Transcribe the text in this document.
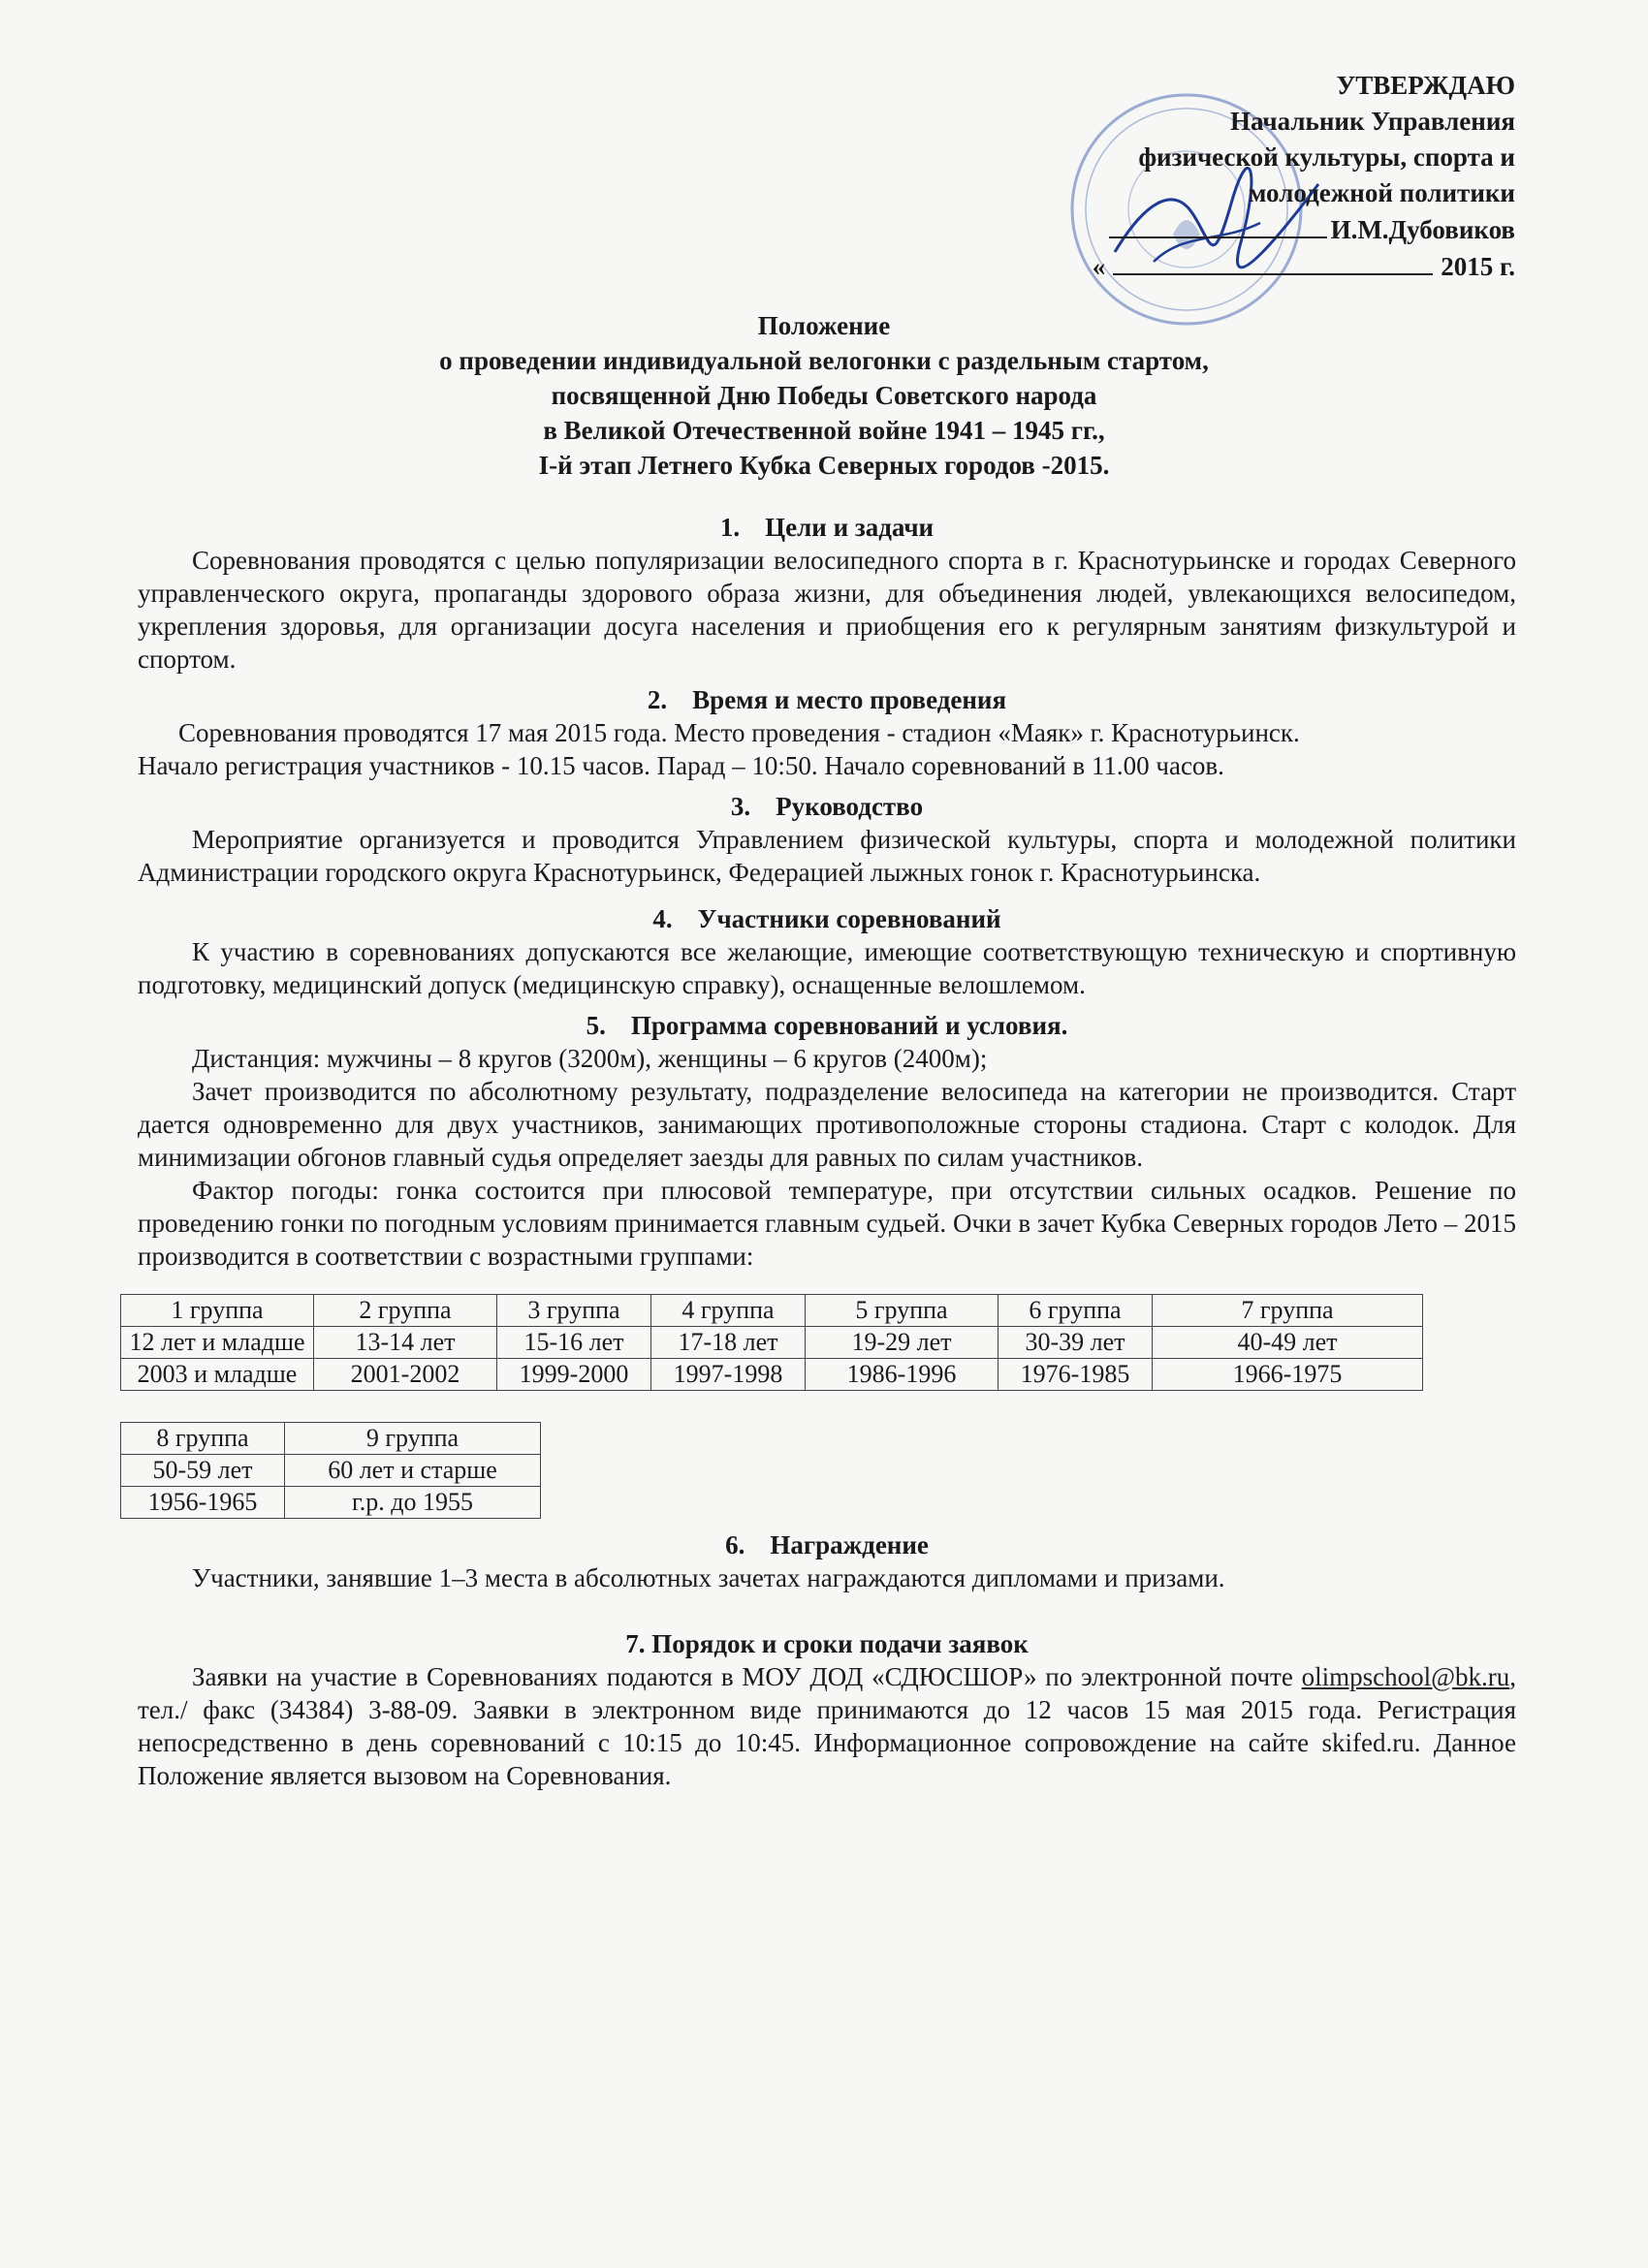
УТВЕРЖДАЮ
Начальник Управления
физической культуры, спорта и
молодежной политики
И.М.Дубовиков
«	2015 г.
Положение
о проведении индивидуальной велогонки с раздельным стартом,
посвященной Дню Победы Советского народа
в Великой Отечественной войне 1941 – 1945 гг.,
I-й этап Летнего Кубка Северных городов -2015.
1. Цели и задачи

Соревнования проводятся с целью популяризации велосипедного спорта в г. Краснотурьинске и городах Северного управленческого округа, пропаганды здорового образа жизни, для объединения людей, увлекающихся велосипедом, укрепления здоровья, для организации досуга населения и приобщения его к регулярным занятиям физкультурой и спортом.

2. Время и место проведения

Соревнования проводятся 17 мая 2015 года. Место проведения - стадион «Маяк» г. Краснотурьинск.

Начало регистрация участников - 10.15 часов. Парад – 10:50. Начало соревнований в 11.00 часов.

3. Руководство

Мероприятие организуется и проводится Управлением физической культуры, спорта и молодежной политики Администрации городского округа Краснотурьинск, Федерацией лыжных гонок г. Краснотурьинска.

4. Участники соревнований

К участию в соревнованиях допускаются все желающие, имеющие соответствующую техническую и спортивную подготовку, медицинский допуск (медицинскую справку), оснащенные велошлемом.

5. Программа соревнований и условия.

Дистанция: мужчины – 8 кругов (3200м), женщины – 6 кругов (2400м);

Зачет производится по абсолютному результату, подразделение велосипеда на категории не производится. Старт дается одновременно для двух участников, занимающих противоположные стороны стадиона. Старт с колодок. Для минимизации обгонов главный судья определяет заезды для равных по силам участников.

Фактор погоды: гонка состоится при плюсовой температуре, при отсутствии сильных осадков. Решение по проведению гонки по погодным условиям принимается главным судьей. Очки в зачет Кубка Северных городов Лето – 2015 производится в соответствии с возрастными группами:

1 группа	2 группа	3 группа	4 группа	5 группа	6 группа	7 группа
12 лет и младше	13-14 лет	15-16 лет	17-18 лет	19-29 лет	30-39 лет	40-49 лет
2003 и младше	2001-2002	1999-2000	1997-1998	1986-1996	1976-1985	1966-1975
8 группа	9 группа
50-59 лет	60 лет и старше
1956-1965	г.р. до 1955
6. Награждение

Участники, занявшие 1–3 места в абсолютных зачетах награждаются дипломами и призами.

7. Порядок и сроки подачи заявок

Заявки на участие в Соревнованиях подаются в МОУ ДОД «СДЮСШОР» по электронной почте olimpschool@bk.ru, тел./ факс (34384) 3-88-09. Заявки в электронном виде принимаются до 12 часов 15 мая 2015 года. Регистрация непосредственно в день соревнований с 10:15 до 10:45. Информационное сопровождение на сайте skifed.ru. Данное Положение является вызовом на Соревнования.
